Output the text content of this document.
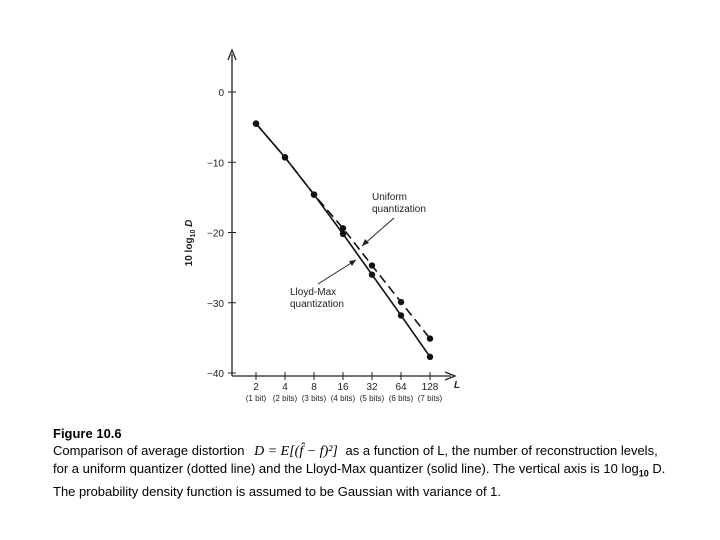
0
−10
−20
−30
−40
2
(1 bit)
4
(2 bits)
8
(3 bits)
16
(4 bits)
32
(5 bits)
64
(6 bits)
128
(7 bits)
Uniform
quantization
Lloyd-Max
quantization
10 $\log_{10} D$
L
Figure 10.6
Comparison of average distortion D = E[(f̂ − f)²] as a function of L, the number of reconstruction levels, for a uniform quantizer (dotted line) and the Lloyd-Max quantizer (solid line). The vertical axis is 10 $\log_{10} D$. The probability density function is assumed to be Gaussian with variance of 1.
